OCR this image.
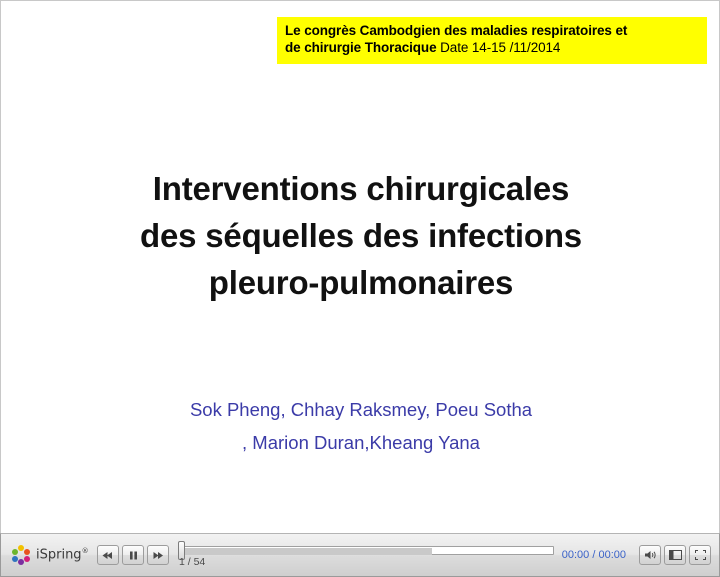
Le congrès Cambodgien des maladies respiratoires et
de chirurgie Thoracique Date 14-15 /11/2014
Interventions chirurgicales
des séquelles des infections
pleuro-pulmonaires
Sok Pheng, Chhay Raksmey, Poeu Sotha
, Marion Duran,Kheang Yana
iSpring®
1 / 54
00:00 / 00:00
